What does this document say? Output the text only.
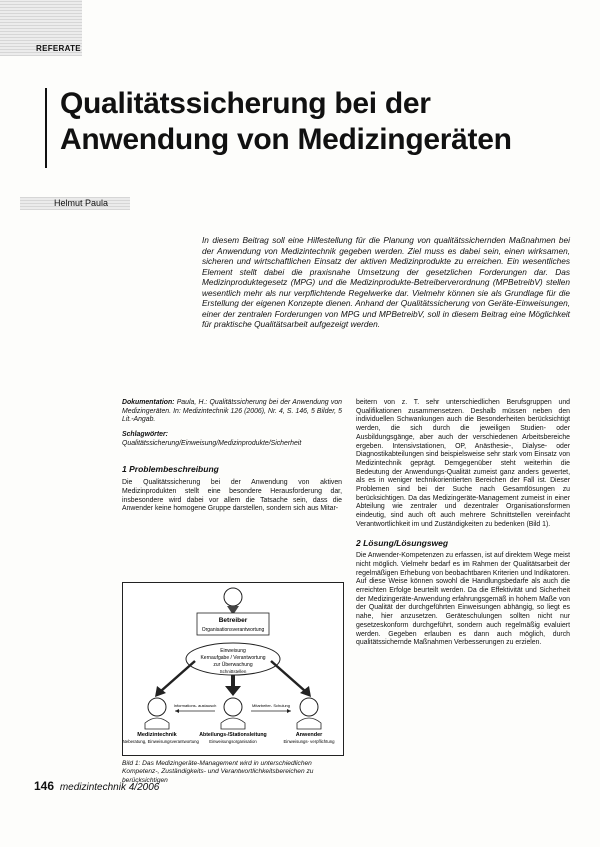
REFERATE
Qualitätssicherung bei der
Anwendung von Medizingeräten
Helmut Paula

In diesem Beitrag soll eine Hilfestellung für die Planung von qualitätssichernden Maßnahmen bei der Anwendung von Medizintechnik gegeben werden. Ziel muss es dabei sein, einen wirksamen, sicheren und wirtschaftlichen Einsatz der aktiven Medizinprodukte zu erreichen. Ein wesentliches Element stellt dabei die praxisnahe Umsetzung der gesetzlichen Forderungen dar. Das Medizinproduktegesetz (MPG) und die Medizinprodukte-Betreiberverordnung (MPBetreibV) stellen wesentlich mehr als nur verpflichtende Regelwerke dar. Vielmehr können sie als Grundlage für die Erstellung der eigenen Konzepte dienen. Anhand der Qualitätssicherung von Geräte-Einweisungen, einer der zentralen Forderungen von MPG und MPBetreibV, soll in diesem Beitrag eine Möglichkeit für praktische Qualitätsarbeit aufgezeigt werden.

Dokumentation: Paula, H.: Qualitätssicherung bei der Anwendung von Medizingeräten. In: Medizintechnik 126 (2006), Nr. 4, S. 146, 5 Bilder, 5 Lit.-Angab.

Schlagwörter: Qualitätssicherung/Einweisung/Medizinprodukte/Sicherheit

1 Problembeschreibung

Die Qualitätssicherung bei der Anwendung von aktiven Medizinprodukten stellt eine besondere Herausforderung dar, insbesondere wird dabei vor allem die Tatsache sein, dass die Anwender keine homogene Gruppe darstellen, sondern sich aus Mitar-

Betreiber
Organisationsverantwortung
Einweisung
Kernaufgabe / Verantwortung
zur Überwachung
Schnittstellen
Medizintechnik
Geräteberatung, Einweisungsverantwortung
Abteilungs-/Stationsleitung
Einweisungsorganisation
Anwender
Einweisungs- verpflichtung
Informations- austausch	Mitarbeiter- Schulung

Bild 1: Das Medizingeräte-Management wird in unterschiedlichen Kompetenz-, Zuständigkeits- und Verantwortlichkeitsbereichen zu berücksichtigen

beitern von z. T. sehr unterschiedlichen Berufsgruppen und Qualifikationen zusammensetzen. Deshalb müssen neben den individuellen Schwankungen auch die Besonderheiten berücksichtigt werden, die sich durch die jeweiligen Studien- oder Ausbildungsgänge, aber auch der verschiedenen Arbeitsbereiche ergeben. Intensivstationen, OP, Anästhesie-, Dialyse- oder Diagnostikabteilungen sind beispielsweise sehr stark vom Einsatz von Medizintechnik geprägt. Demgegenüber steht weiterhin die Bedeutung der Anwendungs-Qualität zumeist ganz anders gewertet, als es in weniger technikorientierten Bereichen der Fall ist. Dieser Problemen sind bei der Suche nach Gesamtlösungen zu berücksichtigen. Da das Medizingeräte-Management zumeist in einer Abteilung wie zentraler und dezentraler Organisationsformen eindeutig, sind auch oft auch mehrere Schnittstellen vereinfacht Verantwortlichkeit im und Zuständigkeiten zu bedenken (Bild 1).

2 Lösung/Lösungsweg

Die Anwender-Kompetenzen zu erfassen, ist auf direktem Wege meist nicht möglich. Vielmehr bedarf es im Rahmen der Qualitätsarbeit der regelmäßigen Erhebung von beobachtbaren Kriterien und Indikatoren. Auf diese Weise können sowohl die Handlungsbedarfe als auch die erreichten Erfolge beurteilt werden. Da die Effektivität und Sicherheit der Medizingeräte-Anwendung erfahrungsgemäß in hohem Maße von der Qualität der durchgeführten Einweisungen abhängig, so liegt es nahe, hier anzusetzen. Geräteschulungen sollten nicht nur gesetzeskonform durchgeführt, sondern auch regelmäßig evaluiert werden. Gegeben erlauben es dann auch möglich, durch qualitätssichernde Maßnahmen Verbesserungen zu erzielen.

146 medizintechnik 4/2006
